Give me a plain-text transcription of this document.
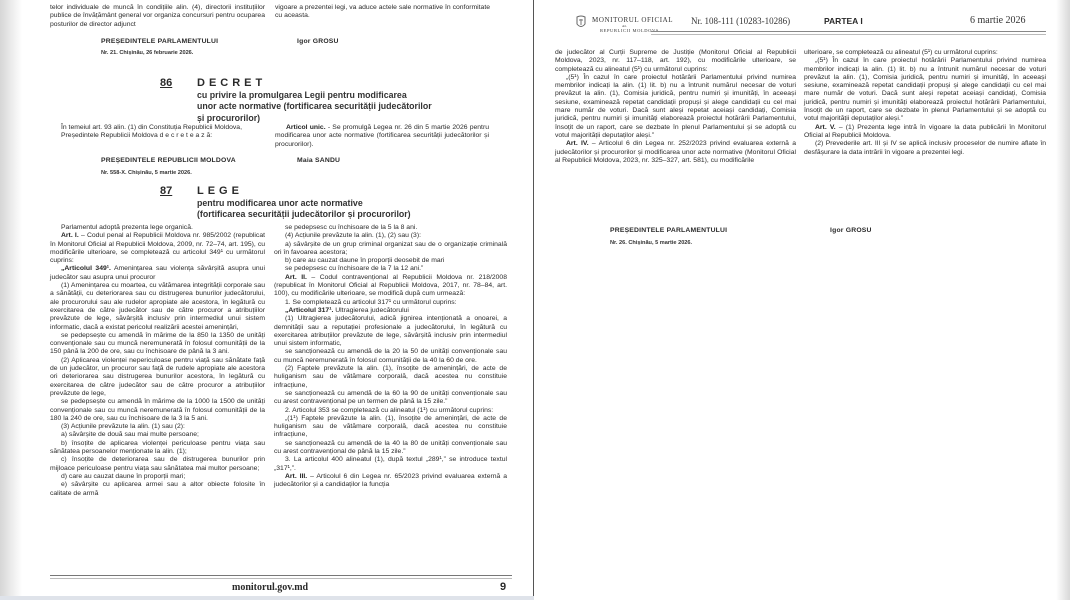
telor individuale de muncă în condițiile alin. (4), directorii instituțiilor publice de învățământ general vor organiza concursuri pentru ocuparea posturilor de director adjunct

vigoare a prezentei legi, va aduce actele sale normative în conformitate cu aceasta.

PREȘEDINTELE PARLAMENTULUI	Igor GROSU
Nr. 21. Chișinău, 26 februarie 2026.
86 DECRET
cu privire la promulgarea Legii pentru modificarea
unor acte normative (fortificarea securității judecătorilor
și procurorilor)

În temeiul art. 93 alin. (1) din Constituția Republicii Moldova,

Președintele Republicii Moldova d e c r e t e a z ă:

Articol unic. - Se promulgă Legea nr. 26 din 5 martie 2026 pentru modificarea unor acte normative (fortificarea securității judecătorilor și procurorilor).

PREȘEDINTELE REPUBLICII MOLDOVA	Maia SANDU
Nr. 558-X. Chișinău, 5 martie 2026.
87 LEGE
pentru modificarea unor acte normative
(fortificarea securității judecătorilor și procurorilor)

Parlamentul adoptă prezenta lege organică.

Art. I. – Codul penal al Republicii Moldova nr. 985/2002 (republicat în Monitorul Oficial al Republicii Moldova, 2009, nr. 72–74, art. 195), cu modificările ulterioare, se completează cu articolul 349¹ cu următorul cuprins:

„Articolul 349¹. Amenințarea sau violența săvârșită asupra unui judecător sau asupra unui procuror

(1) Amenințarea cu moartea, cu vătămarea integrității corporale sau a sănătății, cu deteriorarea sau cu distrugerea bunurilor judecătorului, ale procurorului sau ale rudelor apropiate ale acestora, în legătură cu exercitarea de către judecător sau de către procuror a atribuțiilor prevăzute de lege, săvârșită inclusiv prin intermediul unui sistem informatic, dacă a existat pericolul realizării acestei amenințări,

se pedepsește cu amendă în mărime de la 850 la 1350 de unități convenționale sau cu muncă neremunerată în folosul comunității de la 150 până la 200 de ore, sau cu închisoare de până la 3 ani.

(2) Aplicarea violenței nepericuloase pentru viață sau sănătate față de un judecător, un procuror sau față de rudele apropiate ale acestora ori deteriorarea sau distrugerea bunurilor acestora, în legătură cu exercitarea de către judecător sau de către procuror a atribuțiilor prevăzute de lege,

se pedepsește cu amendă în mărime de la 1000 la 1500 de unități convenționale sau cu muncă neremunerată în folosul comunității de la 180 la 240 de ore, sau cu închisoare de la 3 la 5 ani.

(3) Acțiunile prevăzute la alin. (1) sau (2):

a) săvârșite de două sau mai multe persoane;

b) însoțite de aplicarea violenței periculoase pentru viața sau sănătatea persoanelor menționate la alin. (1);

c) însoțite de deteriorarea sau de distrugerea bunurilor prin mijloace periculoase pentru viața sau sănătatea mai multor persoane;

d) care au cauzat daune în proporții mari;

e) săvârșite cu aplicarea armei sau a altor obiecte folosite în calitate de armă

se pedepsesc cu închisoare de la 5 la 8 ani.

(4) Acțiunile prevăzute la alin. (1), (2) sau (3):

a) săvârșite de un grup criminal organizat sau de o organizație criminală ori în favoarea acestora;

b) care au cauzat daune în proporții deosebit de mari

se pedepsesc cu închisoare de la 7 la 12 ani.”

Art. II. – Codul contravențional al Republicii Moldova nr. 218/2008 (republicat în Monitorul Oficial al Republicii Moldova, 2017, nr. 78–84, art. 100), cu modificările ulterioare, se modifică după cum urmează:

1. Se completează cu articolul 317¹ cu următorul cuprins:

„Articolul 317¹. Ultragierea judecătorului

(1) Ultragierea judecătorului, adică jignirea intenționată a onoarei, a demnității sau a reputației profesionale a judecătorului, în legătură cu exercitarea atribuțiilor prevăzute de lege, săvârșită inclusiv prin intermediul unui sistem informatic,

se sancționează cu amendă de la 20 la 50 de unități convenționale sau cu muncă neremunerată în folosul comunității de la 40 la 60 de ore.

(2) Faptele prevăzute la alin. (1), însoțite de amenințări, de acte de huliganism sau de vătămare corporală, dacă acestea nu constituie infracțiune,

se sancționează cu amendă de la 60 la 90 de unități convenționale sau cu arest contravențional pe un termen de până la 15 zile.”

2. Articolul 353 se completează cu alineatul (1¹) cu următorul cuprins:

„(1¹) Faptele prevăzute la alin. (1), însoțite de amenințări, de acte de huliganism sau de vătămare corporală, dacă acestea nu constituie infracțiune,

se sancționează cu amendă de la 40 la 80 de unități convenționale sau cu arest contravențional de până la 15 zile.”

3. La articolul 400 alineatul (1), după textul „289¹,” se introduce textul „317¹,”.

Art. III. – Articolul 6 din Legea nr. 65/2023 privind evaluarea externă a judecătorilor și a candidaților la funcția

monitorul.gov.md	9
MONITORUL OFICIAL
AL
REPUBLICII MOLDOVA
Nr. 108-111 (10283-10286)	PARTEA I	6 martie 2026

de judecător al Curții Supreme de Justiție (Monitorul Oficial al Republicii Moldova, 2023, nr. 117–118, art. 192), cu modificările ulterioare, se completează cu alineatul (5¹) cu următorul cuprins:

„(5¹) În cazul în care proiectul hotărârii Parlamentului privind numirea membrilor indicați la alin. (1) lit. b) nu a întrunit numărul necesar de voturi prevăzut la alin. (1), Comisia juridică, pentru numiri și imunități, în aceeași sesiune, examinează repetat candidații propuși și alege candidații cu cel mai mare număr de voturi. Dacă sunt aleși repetat aceiași candidați, Comisia juridică, pentru numiri și imunități elaborează proiectul hotărârii Parlamentului, însoțit de un raport, care se dezbate în plenul Parlamentului și se adoptă cu votul majorității deputaților aleși.”

Art. IV. – Articolul 6 din Legea nr. 252/2023 privind evaluarea externă a judecătorilor și procurorilor și modificarea unor acte normative (Monitorul Oficial al Republicii Moldova, 2023, nr. 325–327, art. 581), cu modificările

ulterioare, se completează cu alineatul (5¹) cu următorul cuprins:

„(5¹) În cazul în care proiectul hotărârii Parlamentului privind numirea membrilor indicați la alin. (1) lit. b) nu a întrunit numărul necesar de voturi prevăzut la alin. (1), Comisia juridică, pentru numiri și imunități, în aceeași sesiune, examinează repetat candidații propuși și alege candidații cu cel mai mare număr de voturi. Dacă sunt aleși repetat aceiași candidați, Comisia juridică, pentru numiri și imunități elaborează proiectul hotărârii Parlamentului, însoțit de un raport, care se dezbate în plenul Parlamentului și se adoptă cu votul majorității deputaților aleși.”

Art. V. – (1) Prezenta lege intră în vigoare la data publicării în Monitorul Oficial al Republicii Moldova.

(2) Prevederile art. III și IV se aplică inclusiv proceselor de numire aflate în desfășurare la data intrării în vigoare a prezentei legi.

PREȘEDINTELE PARLAMENTULUI	Igor GROSU
Nr. 26. Chișinău, 5 martie 2026.
